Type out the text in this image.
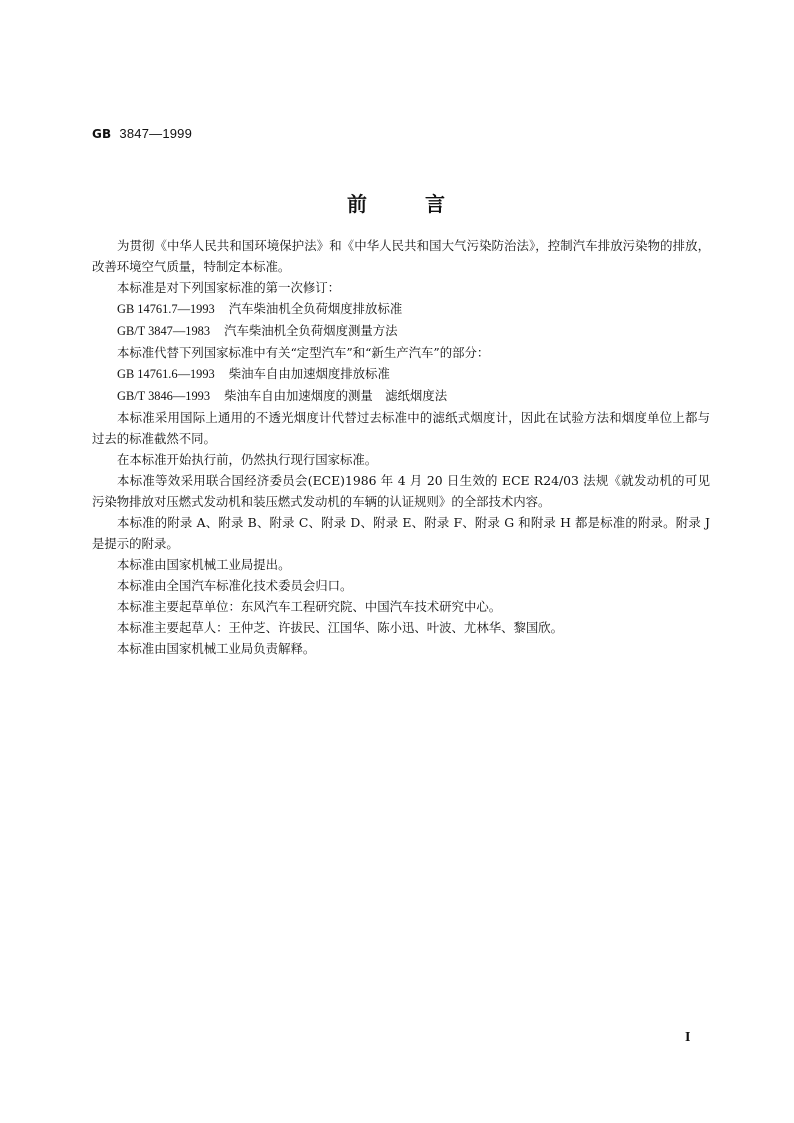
GB 3847—1999
前	言

为贯彻《中华人民共和国环境保护法》和《中华人民共和国大气污染防治法》，控制汽车排放污染物的排放，改善环境空气质量，特制定本标准。

本标准是对下列国家标准的第一次修订：

GB 14761.7—1993 汽车柴油机全负荷烟度排放标准

GB/T 3847—1983 汽车柴油机全负荷烟度测量方法

本标准代替下列国家标准中有关“定型汽车”和“新生产汽车”的部分：

GB 14761.6—1993 柴油车自由加速烟度排放标准

GB/T 3846—1993 柴油车自由加速烟度的测量　滤纸烟度法

本标准采用国际上通用的不透光烟度计代替过去标准中的滤纸式烟度计，因此在试验方法和烟度单位上都与过去的标准截然不同。

在本标准开始执行前，仍然执行现行国家标准。

本标准等效采用联合国经济委员会(ECE)1986 年 4 月 20 日生效的 ECE R24/03 法规《就发动机的可见污染物排放对压燃式发动机和装压燃式发动机的车辆的认证规则》的全部技术内容。

本标准的附录 A、附录 B、附录 C、附录 D、附录 E、附录 F、附录 G 和附录 H 都是标准的附录。附录 J 是提示的附录。

本标准由国家机械工业局提出。

本标准由全国汽车标准化技术委员会归口。

本标准主要起草单位：东风汽车工程研究院、中国汽车技术研究中心。

本标准主要起草人：王仲芝、许拔民、江国华、陈小迅、叶波、尤林华、黎国欣。

本标准由国家机械工业局负责解释。

I
